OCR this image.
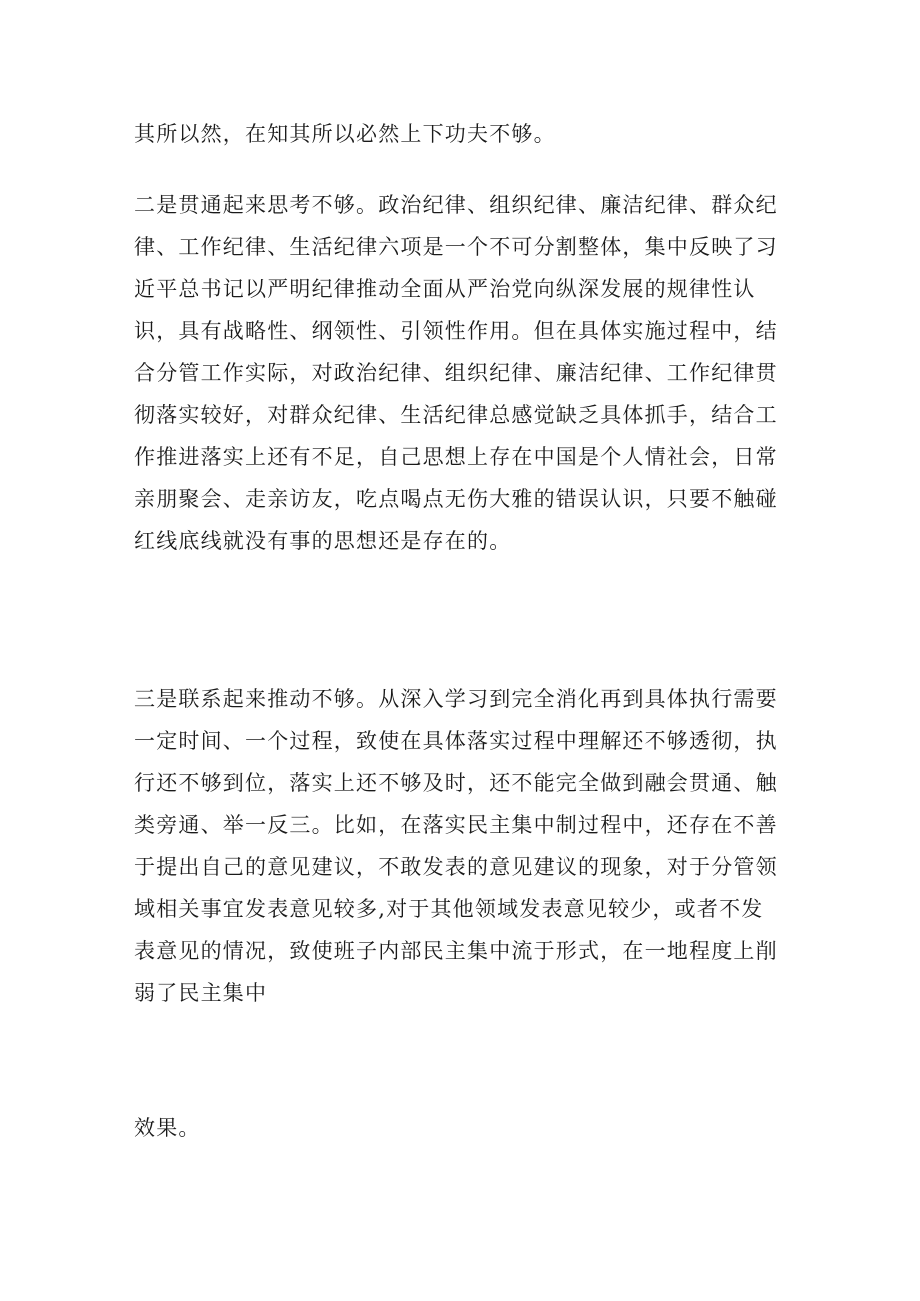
其所以然，在知其所以必然上下功夫不够。

二是贯通起来思考不够。政治纪律、组织纪律、廉洁纪律、群众纪
律、工作纪律、生活纪律六项是一个不可分割整体，集中反映了习
近平总书记以严明纪律推动全面从严治党向纵深发展的规律性认
识，具有战略性、纲领性、引领性作用。但在具体实施过程中，结
合分管工作实际，对政治纪律、组织纪律、廉洁纪律、工作纪律贯
彻落实较好，对群众纪律、生活纪律总感觉缺乏具体抓手，结合工
作推进落实上还有不足，自己思想上存在中国是个人情社会，日常
亲朋聚会、走亲访友，吃点喝点无伤大雅的错误认识，只要不触碰
红线底线就没有事的思想还是存在的。

三是联系起来推动不够。从深入学习到完全消化再到具体执行需要
一定时间、一个过程，致使在具体落实过程中理解还不够透彻，执
行还不够到位，落实上还不够及时，还不能完全做到融会贯通、触
类旁通、举一反三。比如，在落实民主集中制过程中，还存在不善
于提出自己的意见建议，不敢发表的意见建议的现象，对于分管领
域相关事宜发表意见较多,对于其他领域发表意见较少，或者不发
表意见的情况，致使班子内部民主集中流于形式，在一地程度上削
弱了民主集中

效果。
